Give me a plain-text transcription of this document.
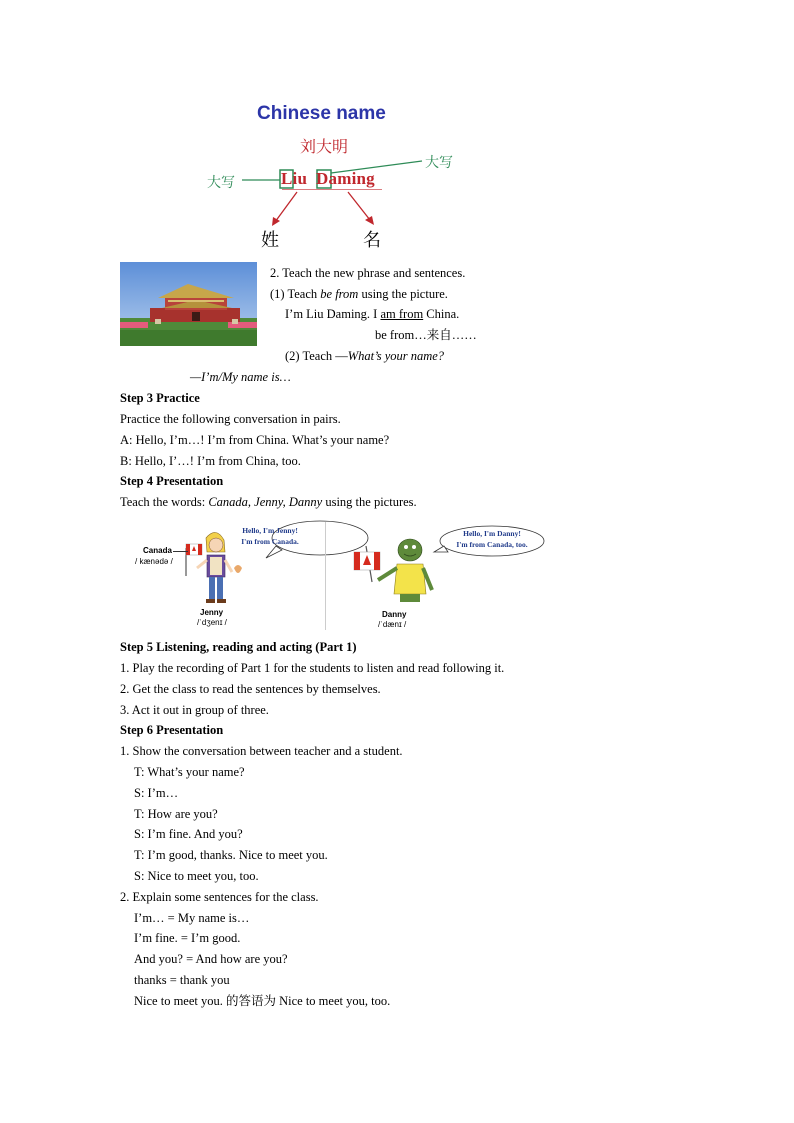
Chinese name
刘大明
大写
大写
Liu Daming
姓	名
2. Teach the new phrase and sentences.
(1) Teach be from using the picture.
I’m Liu Daming. I am from China.
be from…来自……
(2) Teach —What’s your name?
—I’m/My name is…
Step 3 Practice
Practice the following conversation in pairs.
A: Hello, I’m…! I’m from China. What’s your name?
B: Hello, I’…! I’m from China, too.
Step 4 Presentation
Teach the words: Canada, Jenny, Danny using the pictures.
Hello, I'm Jenny!
I'm from Canada.
Canada
/ kænədə /
Jenny
/ˈdʒenɪ /
Hello, I'm Danny!
I'm from Canada, too.
Danny
/ˈdænɪ /
Step 5 Listening, reading and acting (Part 1)
1. Play the recording of Part 1 for the students to listen and read following it.
2. Get the class to read the sentences by themselves.
3. Act it out in group of three.
Step 6 Presentation
1. Show the conversation between teacher and a student.
T: What’s your name?
S: I’m…
T: How are you?
S: I’m fine. And you?
T: I’m good, thanks. Nice to meet you.
S: Nice to meet you, too.
2. Explain some sentences for the class.
I’m… = My name is…
I’m fine. = I’m good.
And you? = And how are you?
thanks = thank you
Nice to meet you. 的答语为 Nice to meet you, too.
